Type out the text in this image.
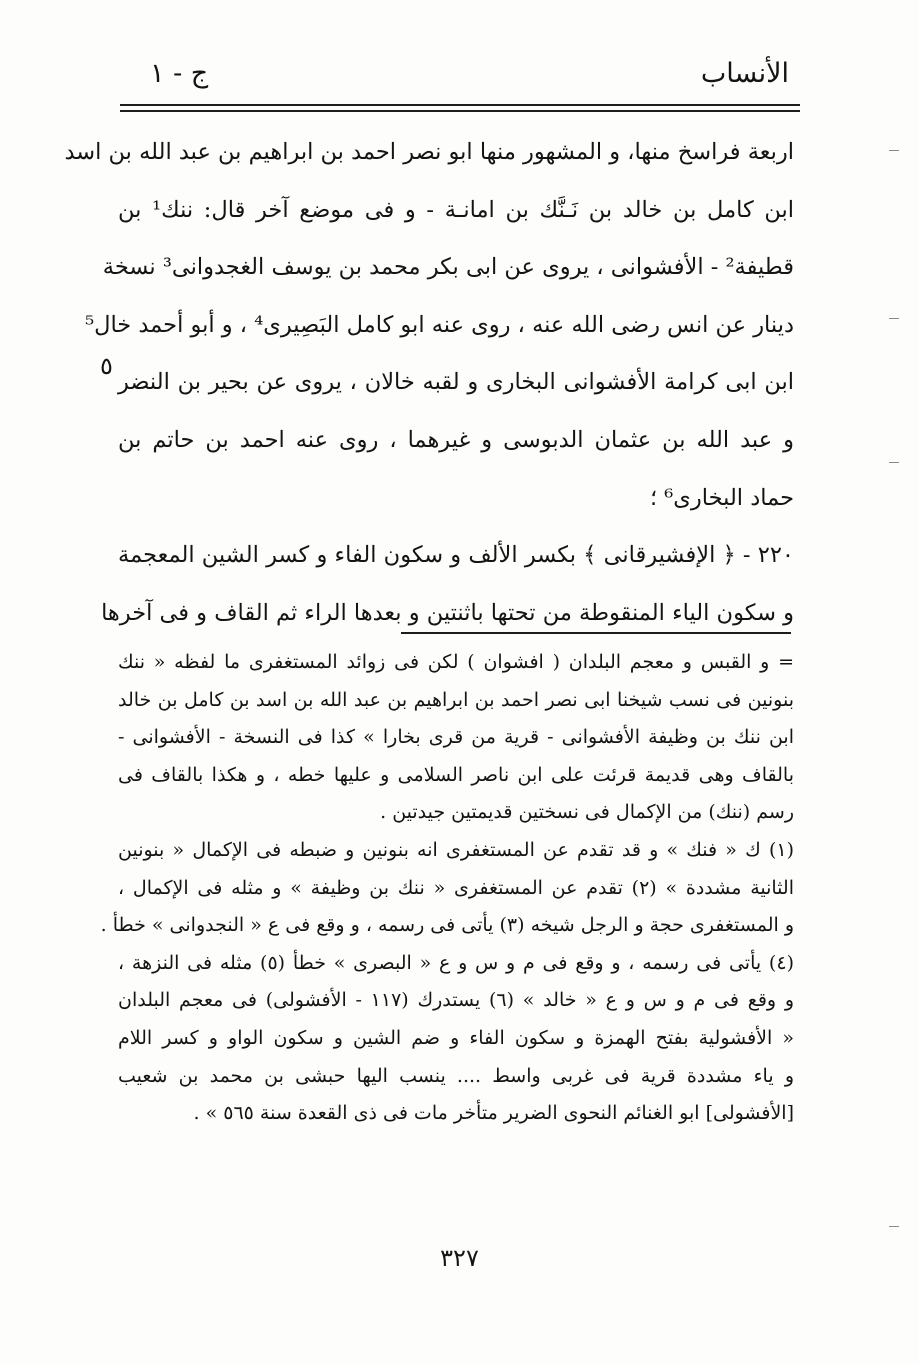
الأنساب
ج - ١
اربعة فراسخ منها، و المشهور منها ابو نصر احمد بن ابراهيم بن عبد الله بن اسد
ابن كامل بن خالد بن نَـنَّك بن امانـة - و فى موضع آخر قال: ننك¹ بن
قطيفة² - الأفشوانى ، يروى عن ابى بكر محمد بن يوسف الغجدوانى³ نسخة
دينار عن انس رضى الله عنه ، روى عنه ابو كامل البَصِيرى⁴ ، و أبو أحمد خال⁵
ابن ابى كرامة الأفشوانى البخارى و لقبه خالان ، يروى عن بحير بن النضر
و عبد الله بن عثمان الدبوسى و غيرهما ، روى عنه احمد بن حاتم بن
حماد البخارى⁶ ؛
٢٢٠ - ﴿ الإفشيرقانى ﴾ بكسر الألف و سكون الفاء و كسر الشين المعجمة
و سكون الياء المنقوطة من تحتها باثنتين و بعدها الراء ثم القاف و فى آخرها
٥
= و القبس و معجم البلدان ( افشوان ) لكن فى زوائد المستغفرى ما لفظه « ننك
بنونين فى نسب شيخنا ابى نصر احمد بن ابراهيم بن عبد الله بن اسد بن كامل بن خالد
ابن ننك بن وظيفة الأفشوانى - قرية من قرى بخارا » كذا فى النسخة - الأفشوانى -
بالقاف وهى قديمة قرئت على ابن ناصر السلامى و عليها خطه ، و هكذا بالقاف فى
رسم (ننك) من الإكمال فى نسختين قديمتين جيدتين .
(١) ك « فنك » و قد تقدم عن المستغفرى انه بنونين و ضبطه فى الإكمال « بنونين
الثانية مشددة » (٢) تقدم عن المستغفرى « ننك بن وظيفة » و مثله فى الإكمال ،
و المستغفرى حجة و الرجل شيخه (٣) يأتى فى رسمه ، و وقع فى ع « النجدوانى » خطأ .
(٤) يأتى فى رسمه ، و وقع فى م و س و ع « البصرى » خطأ (٥) مثله فى النزهة ،
و وقع فى م و س و ع « خالد » (٦) يستدرك (١١٧ - الأفشولى) فى معجم البلدان
« الأفشولية بفتح الهمزة و سكون الفاء و ضم الشين و سكون الواو و كسر اللام
و ياء مشددة قرية فى غربى واسط .... ينسب اليها حبشى بن محمد بن شعيب
[الأفشولى] ابو الغنائم النحوى الضرير متأخر مات فى ذى القعدة سنة ٥٦٥ » .
٣٢٧
